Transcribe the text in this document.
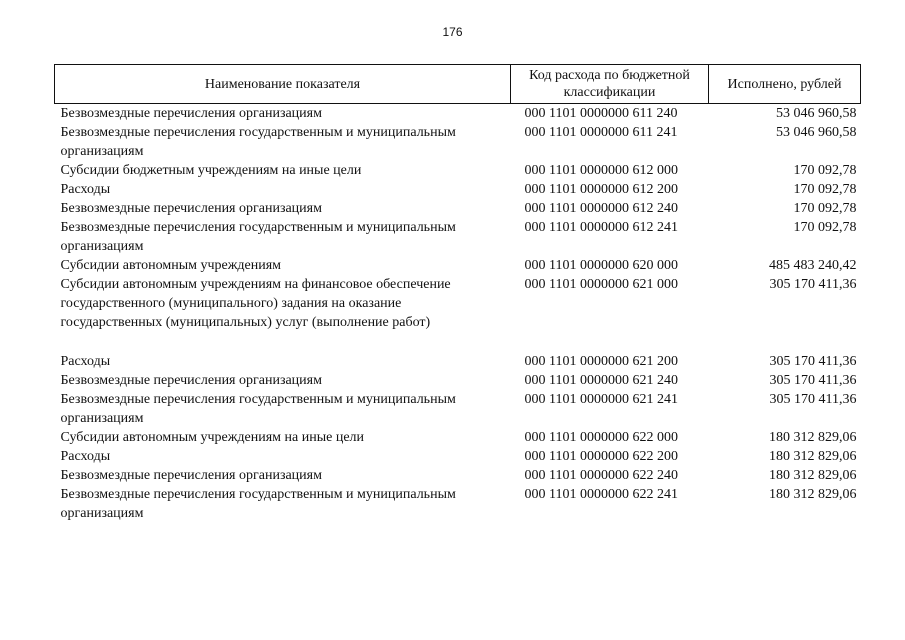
176
Наименование показателя	Код расхода по бюджетной классификации	Исполнено, рублей
Безвозмездные перечисления организациям	000 1101 0000000 611 240	53 046 960,58
Безвозмездные перечисления государственным и муниципальным организациям	000 1101 0000000 611 241	53 046 960,58
Субсидии бюджетным учреждениям на иные цели	000 1101 0000000 612 000	170 092,78
Расходы	000 1101 0000000 612 200	170 092,78
Безвозмездные перечисления организациям	000 1101 0000000 612 240	170 092,78
Безвозмездные перечисления государственным и муниципальным организациям	000 1101 0000000 612 241	170 092,78
Субсидии автономным учреждениям	000 1101 0000000 620 000	485 483 240,42
Субсидии автономным учреждениям на финансовое обеспечение государственного (муниципального) задания на оказание государственных (муниципальных) услуг (выполнение работ)	000 1101 0000000 621 000	305 170 411,36

Расходы	000 1101 0000000 621 200	305 170 411,36
Безвозмездные перечисления организациям	000 1101 0000000 621 240	305 170 411,36
Безвозмездные перечисления государственным и муниципальным организациям	000 1101 0000000 621 241	305 170 411,36
Субсидии автономным учреждениям на иные цели	000 1101 0000000 622 000	180 312 829,06
Расходы	000 1101 0000000 622 200	180 312 829,06
Безвозмездные перечисления организациям	000 1101 0000000 622 240	180 312 829,06
Безвозмездные перечисления государственным и муниципальным организациям	000 1101 0000000 622 241	180 312 829,06
